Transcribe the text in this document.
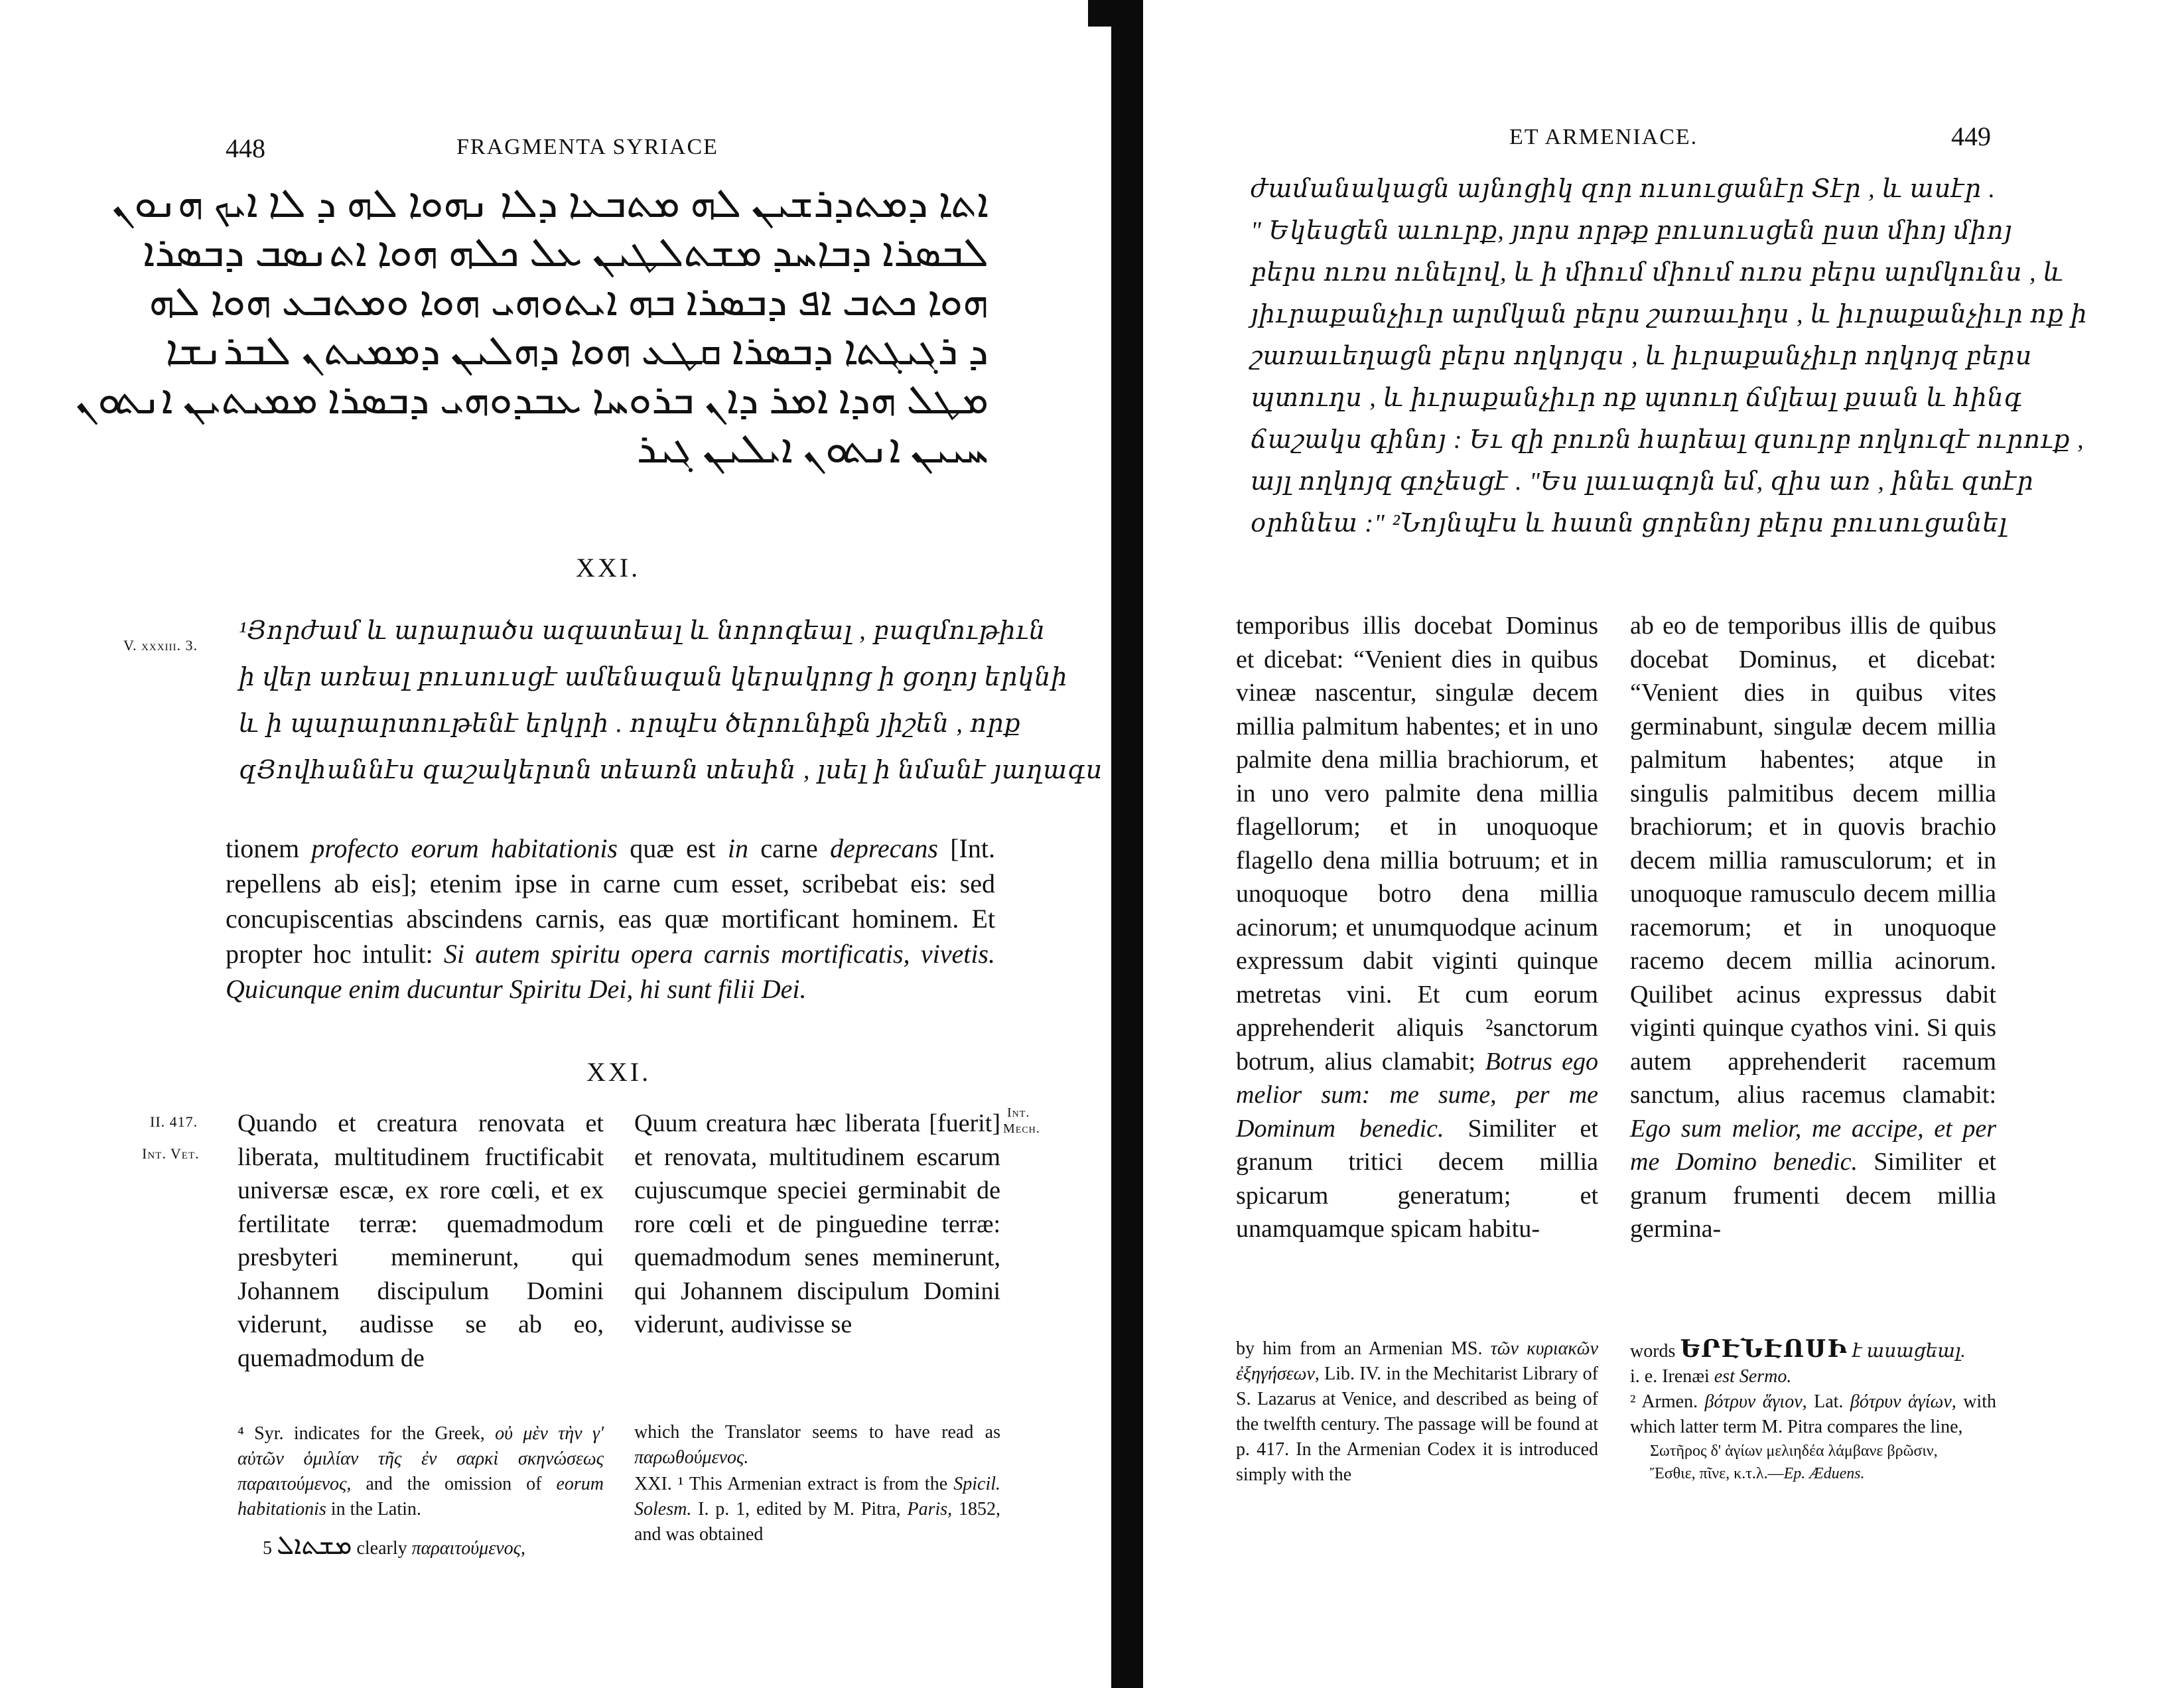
448	FRAGMENTA SYRIACE
ܐܬܐ ܕܡܬܕܪܫܝܢ ܠܗ ܡܬܒܥܐ ܕܠܐ ܢܗܘܐ ܠܗ ܕ ܠܐ ܐܝܟ ܗܢܘܢ
ܠܒܣܪܐ ܕܒܐܚܕ ܡܫܬܠܛܝܢ ܥܠ ܟܠܗ ܗܘܐ ܐܬܢܣܒ ܕܒܣܪܐ
ܗܘܐ ܟܬܒ ܐܦ ܕܒܣܪܐ ܒܗ ܐܝܬܘܗܝ ܗܘܐ ܘܡܬܒܥ ܗܘܐ ܠܗ
ܕ ܪܓܝܓܬܐ ܕܒܣܪܐ ܩܛܥ ܗܘܐ ܕܗܠܝܢ ܕܡܡܝܬܢ ܠܒܪܢܫܐ
ܡܛܠ ܗܕܐ ܐܡܪ ܕܐܢ ܒܪܘܚܐ ܥܒܕܘܗܝ ܕܒܣܪܐ ܡܡܝܬܝܢ ܐܢܬܘܢ
ܚܝܝܢ ܐܢܬܘܢ ܐܝܠܝܢ ܓܝܪ
XXI.
V. xxxiii. 3.
¹Յորժամ և արարածս ազատեալ և նորոգեալ , բազմութիւն
ի վեր առեալ բուսուսցէ ամենազան կերակրոց ի ցօղոյ երկնի
և ի պարարտութենէ երկրի . որպէս ծերունիքն յիշեն , որք
զՅովհաննէս զաշակերտն տեառն տեսին , լսել ի նմանէ յաղագս
tionem profecto eorum habitationis quæ est in carne deprecans [Int. repellens ab eis]; etenim ipse in carne cum esset, scribebat eis: sed concupiscentias abscindens carnis, eas quæ mortificant hominem. Et propter hoc intulit: Si autem spiritu opera carnis mortificatis, vivetis. Quicunque enim ducuntur Spiritu Dei, hi sunt filii Dei.
XXI.
II. 417.
Int. Vet.
Int.
Mech.
Quando et creatura renovata et liberata, multitudinem fructificabit universæ escæ, ex rore cœli, et ex fertilitate terræ: quemadmodum presbyteri meminerunt, qui Johannem discipulum Domini viderunt, audisse se ab eo, quemadmodum de
Quum creatura hæc liberata [fuerit] et renovata, multitudinem escarum cujuscumque speciei germinabit de rore cœli et de pinguedine terræ: quemadmodum senes meminerunt, qui Johannem discipulum Domini viderunt, audivisse se
⁴ Syr. indicates for the Greek, οὐ μὲν τὴν γ' αὐτῶν ὁμιλίαν τῆς ἐν σαρκὶ σκηνώσεως παραιτούμενος, and the omission of eorum habitationis in the Latin.
5 ܡܫܬܐܠ clearly παραιτούμενος,
which the Translator seems to have read as παρωθούμενος.
XXI. ¹ This Armenian extract is from the Spicil. Solesm. I. p. 1, edited by M. Pitra, Paris, 1852, and was obtained
ET ARMENIACE.	449
ժամանակացն այնոցիկ զոր ուսուցանէր Տէր , և ասէր .
" Եկեսցեն աւուրք, յորս որթք բուսուսցեն ըստ միոյ միոյ
բերս ուռս ունելով, և ի միում միում ուռս բերս արմկունս , և
յիւրաքանչիւր արմկան բերս շառաւիղս , և իւրաքանչիւր ոք ի
շառաւեղացն բերս ողկոյզս , և իւրաքանչիւր ողկոյզ բերս
պտուղս , և իւրաքանչիւր ոք պտուղ ճմլեալ քսան և հինգ
ճաշակս գինոյ : Եւ զի բուռն հարեալ զսուրբ ողկուզէ ուրուք ,
այլ ողկոյզ գոչեսցէ . "Ես լաւագոյն եմ, զիս առ , ինեւ զտէր
օրհնեա :" ²Նոյնպէս և հատն ցորենոյ բերս բուսուցանել
temporibus illis docebat Dominus et dicebat: “Venient dies in quibus vineæ nascentur, singulæ decem millia palmitum habentes; et in uno palmite dena millia brachiorum, et in uno vero palmite dena millia flagellorum; et in unoquoque flagello dena millia botruum; et in unoquoque botro dena millia acinorum; et unumquodque acinum expressum dabit viginti quinque metretas vini. Et cum eorum apprehenderit aliquis ²sanctorum botrum, alius clamabit; Botrus ego melior sum: me sume, per me Dominum benedic. Similiter et granum tritici decem millia spicarum generatum; et unamquamque spicam habitu-
ab eo de temporibus illis de quibus docebat Dominus, et dicebat: “Venient dies in quibus vites germinabunt, singulæ decem millia palmitum habentes; atque in singulis palmitibus decem millia brachiorum; et in quovis brachio decem millia ramusculorum; et in unoquoque ramusculo decem millia racemorum; et in unoquoque racemo decem millia acinorum. Quilibet acinus expressus dabit viginti quinque cyathos vini. Si quis autem apprehenderit racemum sanctum, alius racemus clamabit: Ego sum melior, me accipe, et per me Domino benedic. Similiter et granum frumenti decem millia germina-
by him from an Armenian MS. τῶν κυριακῶν ἐξηγήσεων, Lib. IV. in the Mechitarist Library of S. Lazarus at Venice, and described as being of the twelfth century. The passage will be found at p. 417. In the Armenian Codex it is introduced simply with the
words ԵՐԷՆԷՈՍԻ է ասացեալ.
i. e. Irenæi est Sermo.
² Armen. βότρυν ἅγιον, Lat. βότρυν ἁγίων, with which latter term M. Pitra compares the line,
Σωτῆρος δ' ἁγίων μελιηδέα λάμβανε βρῶσιν,
Ἔσθιε, πῖνε, κ.τ.λ.—Ep. Æduens.
